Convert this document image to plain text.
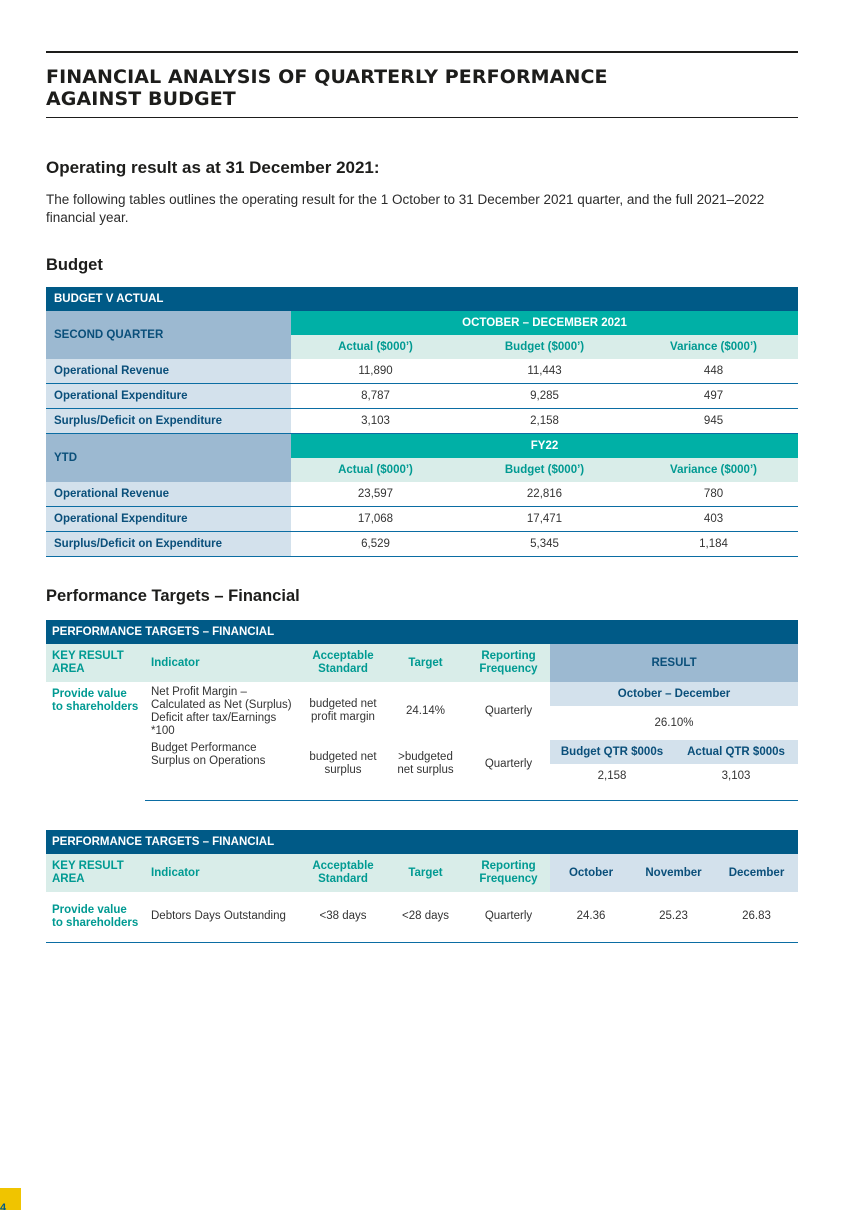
FINANCIAL ANALYSIS OF QUARTERLY PERFORMANCE
AGAINST BUDGET
Operating result as at 31 December 2021:
The following tables outlines the operating result for the 1 October to 31 December 2021 quarter, and the full 2021–2022 financial year.
Budget
BUDGET V ACTUAL			
SECOND QUARTER	OCTOBER – DECEMBER 2021		
	Actual ($000’)	Budget ($000’)	Variance ($000’)
Operational Revenue	11,890	11,443	448
Operational Expenditure	8,787	9,285	497
Surplus/Deficit on Expenditure	3,103	2,158	945
YTD	FY22		
	Actual ($000’)	Budget ($000’)	Variance ($000’)
Operational Revenue	23,597	22,816	780
Operational Expenditure	17,068	17,471	403
Surplus/Deficit on Expenditure	6,529	5,345	1,184
Performance Targets – Financial
PERFORMANCE TARGETS – FINANCIAL						
KEY RESULT AREA	Indicator	Acceptable Standard	Target	Reporting Frequency	RESULT	
Provide value to shareholders	Net Profit Margin – Calculated as Net (Surplus) Deficit after tax/Earnings *100	budgeted net profit margin	24.14%	Quarterly	October – December	
					26.10%	
	Budget Performance Surplus on Operations	budgeted net surplus	>budgeted net surplus	Quarterly	Budget QTR $000s	Actual QTR $000s
					2,158	3,103

PERFORMANCE TARGETS – FINANCIAL							
KEY RESULT AREA	Indicator	Acceptable Standard	Target	Reporting Frequency	October	November	December
Provide value to shareholders	Debtors Days Outstanding	<38 days	<28 days	Quarterly	24.36	25.23	26.83
4
